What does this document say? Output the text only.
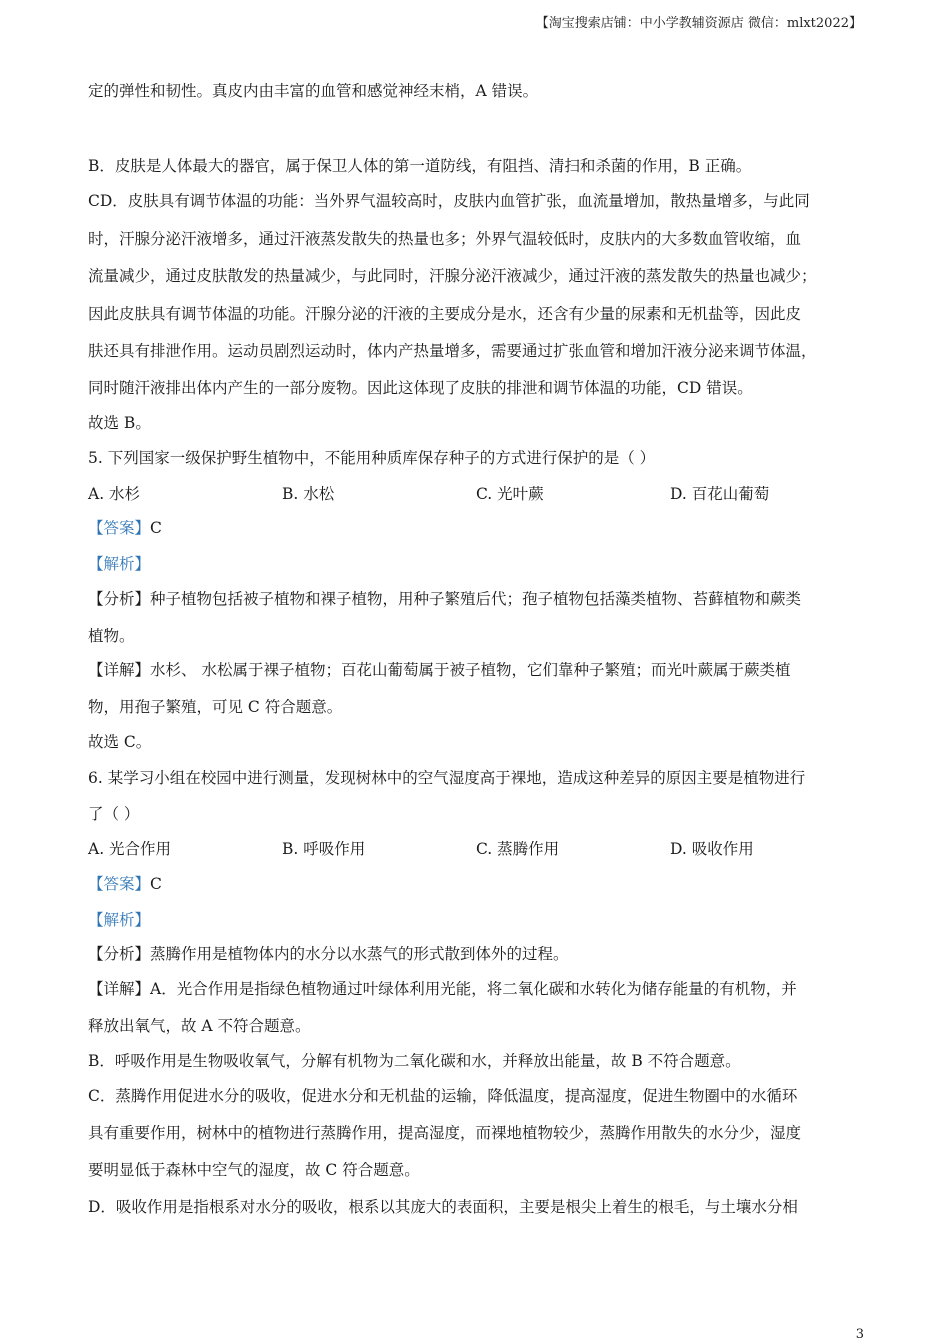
【淘宝搜索店铺：中小学教辅资源店 微信：mlxt2022】
定的弹性和韧性。真皮内由丰富的血管和感觉神经末梢，A 错误。
B．皮肤是人体最大的器官，属于保卫人体的第一道防线，有阻挡、清扫和杀菌的作用，B 正确。
CD．皮肤具有调节体温的功能：当外界气温较高时，皮肤内血管扩张，血流量增加，散热量增多，与此同
时，汗腺分泌汗液增多，通过汗液蒸发散失的热量也多；外界气温较低时，皮肤内的大多数血管收缩，血
流量减少，通过皮肤散发的热量减少，与此同时，汗腺分泌汗液减少，通过汗液的蒸发散失的热量也减少；
因此皮肤具有调节体温的功能。汗腺分泌的汗液的主要成分是水，还含有少量的尿素和无机盐等，因此皮
肤还具有排泄作用。运动员剧烈运动时，体内产热量增多，需要通过扩张血管和增加汗液分泌来调节体温，
同时随汗液排出体内产生的一部分废物。因此这体现了皮肤的排泄和调节体温的功能，CD 错误。
故选 B。
5. 下列国家一级保护野生植物中，不能用种质库保存种子的方式进行保护的是（ ）
A. 水杉	B. 水松	C. 光叶蕨	D. 百花山葡萄
【答案】C
【解析】
【分析】种子植物包括被子植物和裸子植物，用种子繁殖后代；孢子植物包括藻类植物、苔藓植物和蕨类
植物。
【详解】水杉、 水松属于裸子植物；百花山葡萄属于被子植物，它们靠种子繁殖；而光叶蕨属于蕨类植
物，用孢子繁殖，可见 C 符合题意。
故选 C。
6. 某学习小组在校园中进行测量，发现树林中的空气湿度高于裸地，造成这种差异的原因主要是植物进行
了（ ）
A. 光合作用	B. 呼吸作用	C. 蒸腾作用	D. 吸收作用
【答案】C
【解析】
【分析】蒸腾作用是植物体内的水分以水蒸气的形式散到体外的过程。
【详解】A．光合作用是指绿色植物通过叶绿体利用光能，将二氧化碳和水转化为储存能量的有机物，并
释放出氧气，故 A 不符合题意。
B．呼吸作用是生物吸收氧气，分解有机物为二氧化碳和水，并释放出能量，故 B 不符合题意。
C．蒸腾作用促进水分的吸收，促进水分和无机盐的运输，降低温度，提高湿度，促进生物圈中的水循环
具有重要作用，树林中的植物进行蒸腾作用，提高湿度，而裸地植物较少，蒸腾作用散失的水分少，湿度
要明显低于森林中空气的湿度，故 C 符合题意。
D．吸收作用是指根系对水分的吸收，根系以其庞大的表面积，主要是根尖上着生的根毛，与土壤水分相
3
